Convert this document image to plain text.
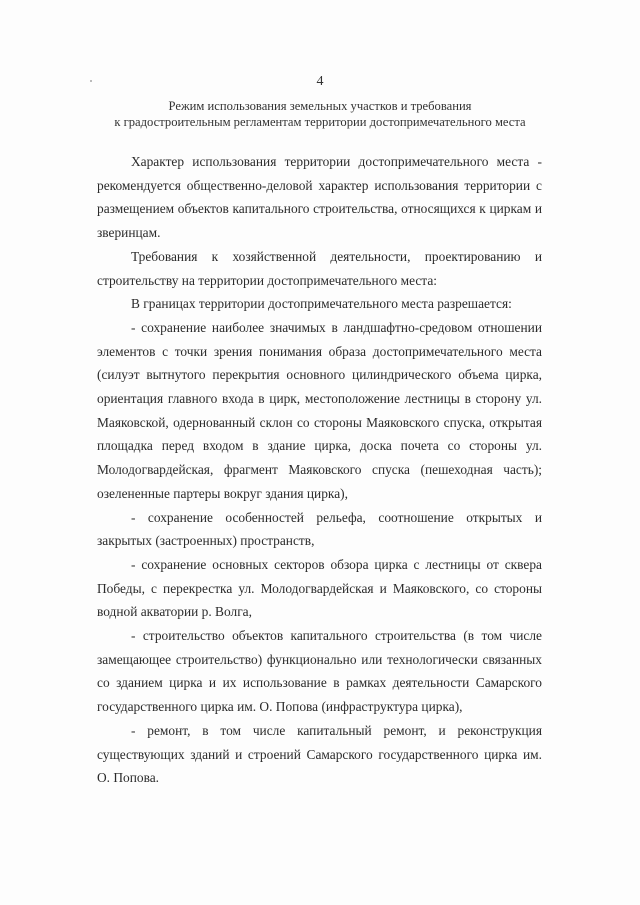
4
Режим использования земельных участков и требования
к градостроительным регламентам территории достопримечательного места

Характер использования территории достопримечательного места - рекомендуется общественно-деловой характер использования территории с размещением объектов капитального строительства, относящихся к циркам и зверинцам.

Требования к хозяйственной деятельности, проектированию и строительству на территории достопримечательного места:

В границах территории достопримечательного места разрешается:

- сохранение наиболее значимых в ландшафтно-средовом отношении элементов с точки зрения понимания образа достопримечательного места (силуэт вытнутого перекрытия основного цилиндрического объема цирка, ориентация главного входа в цирк, местоположение лестницы в сторону ул. Маяковской, одернованный склон со стороны Маяковского спуска, открытая площадка перед входом в здание цирка, доска почета со стороны ул. Молодогвардейская, фрагмент Маяковского спуска (пешеходная часть); озелененные партеры вокруг здания цирка),

- сохранение особенностей рельефа, соотношение открытых и закрытых (застроенных) пространств,

- сохранение основных секторов обзора цирка с лестницы от сквера Победы, с перекрестка ул. Молодогвардейская и Маяковского, со стороны водной акватории р. Волга,

- строительство объектов капитального строительства (в том числе замещающее строительство) функционально или технологически связанных со зданием цирка и их использование в рамках деятельности Самарского государственного цирка им. О. Попова (инфраструктура цирка),

- ремонт, в том числе капитальный ремонт, и реконструкция существующих зданий и строений Самарского государственного цирка им. О. Попова.
